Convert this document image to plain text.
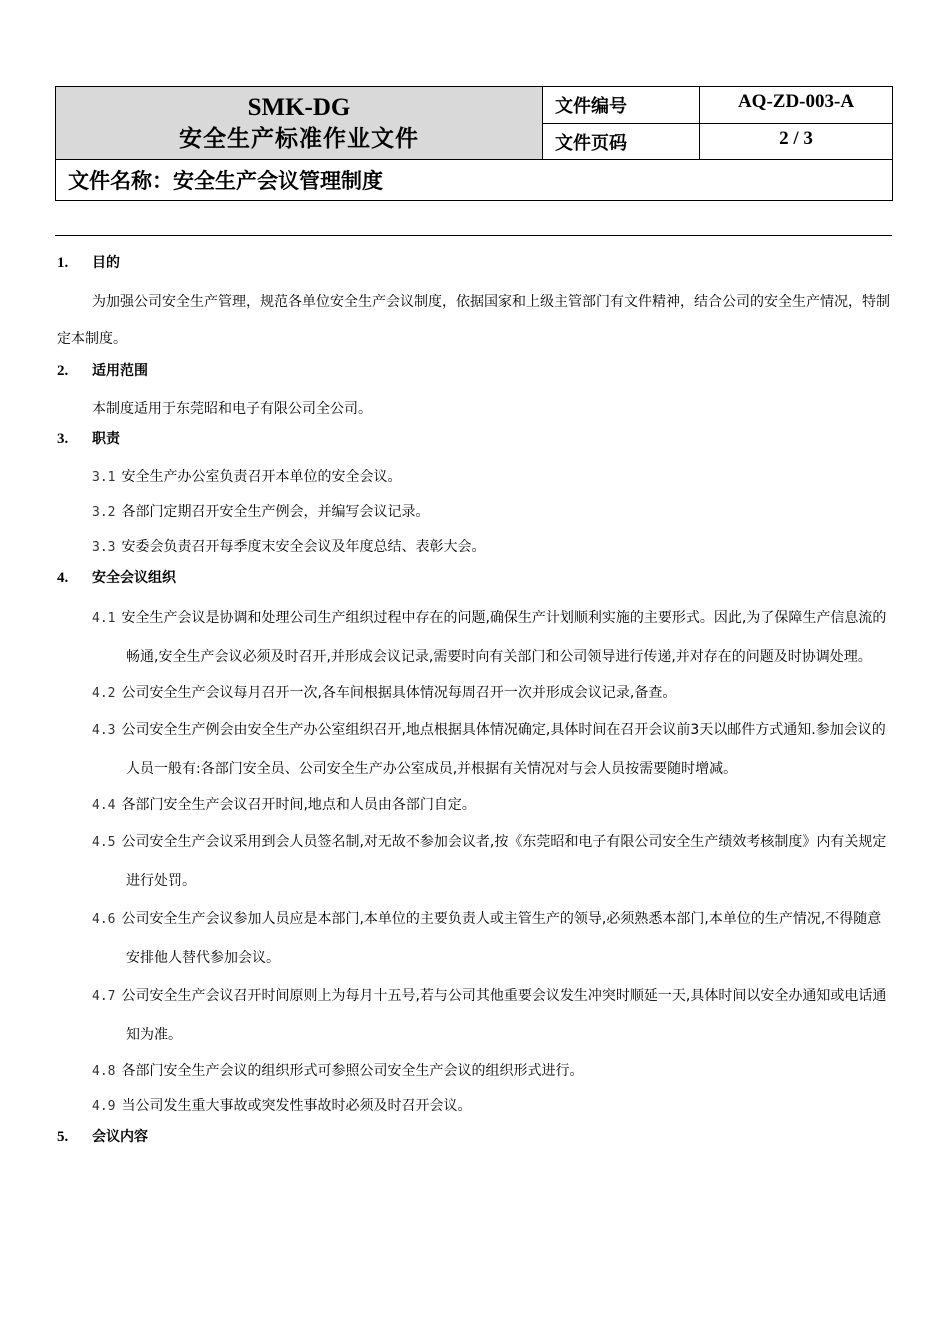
SMK-DG
安全生产标准作业文件	文件编号	AQ-ZD-003-A
	文件页码	2 / 3
文件名称：安全生产会议管理制度		
1. 目的
为加强公司安全生产管理，规范各单位安全生产会议制度，依据国家和上级主管部门有文件精神，结合公司的安全生产情况，特制定本制度。
2. 适用范围
本制度适用于东莞昭和电子有限公司全公司。
3. 职责
3.1 安全生产办公室负责召开本单位的安全会议。
3.2 各部门定期召开安全生产例会，并编写会议记录。
3.3 安委会负责召开每季度末安全会议及年度总结、表彰大会。
4. 安全会议组织
4.1 安全生产会议是协调和处理公司生产组织过程中存在的问题,确保生产计划顺利实施的主要形式。因此,为了保障生产信息流的畅通,安全生产会议必须及时召开,并形成会议记录,需要时向有关部门和公司领导进行传递,并对存在的问题及时协调处理。
4.2 公司安全生产会议每月召开一次,各车间根据具体情况每周召开一次并形成会议记录,备查。
4.3 公司安全生产例会由安全生产办公室组织召开,地点根据具体情况确定,具体时间在召开会议前3天以邮件方式通知.参加会议的人员一般有:各部门安全员、公司安全生产办公室成员,并根据有关情况对与会人员按需要随时增减。
4.4 各部门安全生产会议召开时间,地点和人员由各部门自定。
4.5 公司安全生产会议采用到会人员签名制,对无故不参加会议者,按《东莞昭和电子有限公司安全生产绩效考核制度》内有关规定进行处罚。
4.6 公司安全生产会议参加人员应是本部门,本单位的主要负责人或主管生产的领导,必须熟悉本部门,本单位的生产情况,不得随意安排他人替代参加会议。
4.7 公司安全生产会议召开时间原则上为每月十五号,若与公司其他重要会议发生冲突时顺延一天,具体时间以安全办通知或电话通知为准。
4.8 各部门安全生产会议的组织形式可参照公司安全生产会议的组织形式进行。
4.9 当公司发生重大事故或突发性事故时必须及时召开会议。
5. 会议内容
